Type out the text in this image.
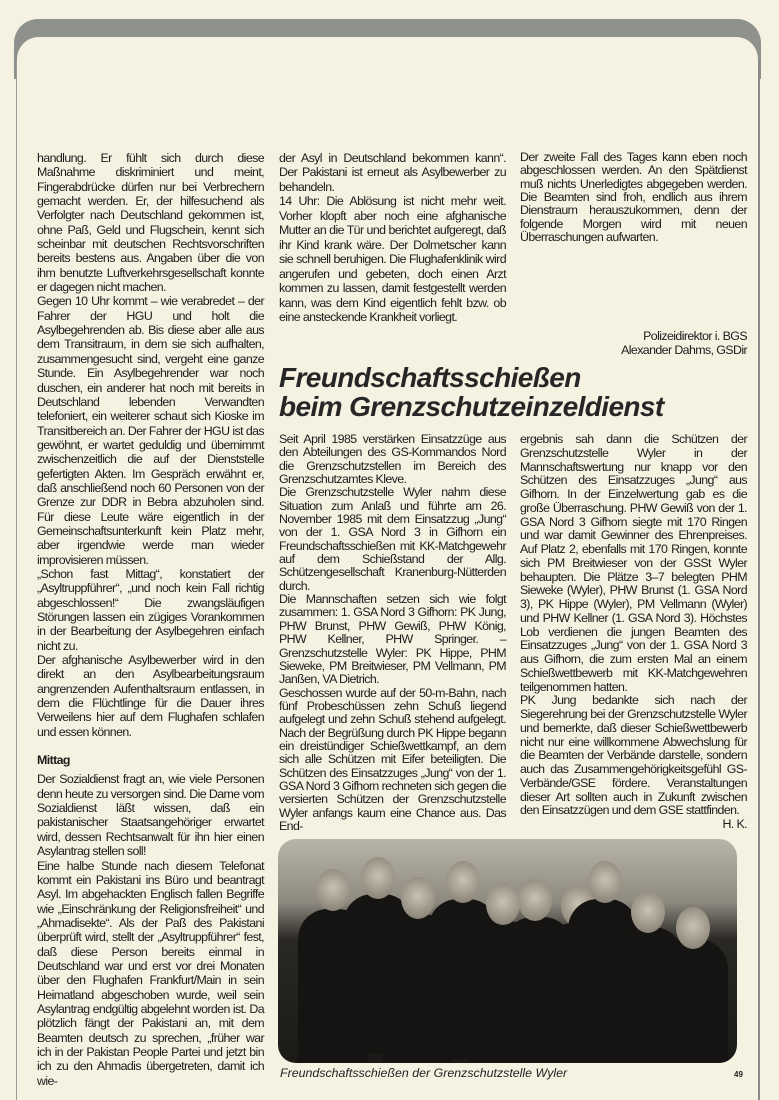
handlung. Er fühlt sich durch diese Maßnahme diskriminiert und meint, Fingerabdrücke dürfen nur bei Verbrechern gemacht werden. Er, der hilfesuchend als Verfolgter nach Deutschland gekommen ist, ohne Paß, Geld und Flugschein, kennt sich scheinbar mit deutschen Rechtsvorschriften bereits bestens aus. Angaben über die von ihm benutzte Luftverkehrsgesellschaft konnte er dagegen nicht machen.

Gegen 10 Uhr kommt – wie verabredet – der Fahrer der HGU und holt die Asylbegehrenden ab. Bis diese aber alle aus dem Transitraum, in dem sie sich aufhalten, zusammengesucht sind, vergeht eine ganze Stunde. Ein Asylbegehrender war noch duschen, ein anderer hat noch mit bereits in Deutschland lebenden Verwandten telefoniert, ein weiterer schaut sich Kioske im Transitbereich an. Der Fahrer der HGU ist das gewöhnt, er wartet geduldig und übernimmt zwischenzeitlich die auf der Dienststelle gefertigten Akten. Im Gespräch erwähnt er, daß anschließend noch 60 Personen von der Grenze zur DDR in Bebra abzuholen sind. Für diese Leute wäre eigentlich in der Gemeinschaftsunterkunft kein Platz mehr, aber irgendwie werde man wieder improvisieren müssen.

„Schon fast Mittag“, konstatiert der „Asyltruppführer“, „und noch kein Fall richtig abgeschlossen!“ Die zwangsläufigen Störungen lassen ein zügiges Vorankommen in der Bearbeitung der Asylbegehren einfach nicht zu.

Der afghanische Asylbewerber wird in den direkt an den Asylbearbeitungsraum angrenzenden Aufenthaltsraum entlassen, in dem die Flüchtlinge für die Dauer ihres Verweilens hier auf dem Flughafen schlafen und essen können.

Mittag

Der Sozialdienst fragt an, wie viele Personen denn heute zu versorgen sind. Die Dame vom Sozialdienst läßt wissen, daß ein pakistanischer Staatsangehöriger erwartet wird, dessen Rechtsanwalt für ihn hier einen Asylantrag stellen soll!

Eine halbe Stunde nach diesem Telefonat kommt ein Pakistani ins Büro und beantragt Asyl. Im abgehackten Englisch fallen Begriffe wie „Einschränkung der Religionsfreiheit“ und „Ahmadisekte“. Als der Paß des Pakistani überprüft wird, stellt der „Asyltruppführer“ fest, daß diese Person bereits einmal in Deutschland war und erst vor drei Monaten über den Flughafen Frankfurt/Main in sein Heimatland abgeschoben wurde, weil sein Asylantrag endgültig abgelehnt worden ist. Da plötzlich fängt der Pakistani an, mit dem Beamten deutsch zu sprechen, „früher war ich in der Pakistan People Partei und jetzt bin ich zu den Ahmadis übergetreten, damit ich wie-

der Asyl in Deutschland bekommen kann“. Der Pakistani ist erneut als Asylbewerber zu behandeln.

14 Uhr: Die Ablösung ist nicht mehr weit. Vorher klopft aber noch eine afghanische Mutter an die Tür und berichtet aufgeregt, daß ihr Kind krank wäre. Der Dolmetscher kann sie schnell beruhigen. Die Flughafenklinik wird angerufen und gebeten, doch einen Arzt kommen zu lassen, damit festgestellt werden kann, was dem Kind eigentlich fehlt bzw. ob eine ansteckende Krankheit vorliegt.

Der zweite Fall des Tages kann eben noch abgeschlossen werden. An den Spätdienst muß nichts Unerledigtes abgegeben werden. Die Beamten sind froh, endlich aus ihrem Dienstraum herauszukommen, denn der folgende Morgen wird mit neuen Überraschungen aufwarten.

Polizeidirektor i. BGS

Alexander Dahms, GSDir

Freundschaftsschießen
beim Grenzschutzeinzeldienst

Seit April 1985 verstärken Einsatzzüge aus den Abteilungen des GS-Kommandos Nord die Grenzschutzstellen im Bereich des Grenzschutzamtes Kleve.

Die Grenzschutzstelle Wyler nahm diese Situation zum Anlaß und führte am 26. November 1985 mit dem Einsatzzug „Jung“ von der 1. GSA Nord 3 in Gifhorn ein Freundschaftsschießen mit KK-Matchgewehr auf dem Schießstand der Allg. Schützengesellschaft Kranenburg-Nütterden durch.

Die Mannschaften setzen sich wie folgt zusammen: 1. GSA Nord 3 Gifhorn: PK Jung, PHW Brunst, PHW Gewiß, PHW König, PHW Kellner, PHW Springer. – Grenzschutzstelle Wyler: PK Hippe, PHM Sieweke, PM Breitwieser, PM Vellmann, PM Janßen, VA Dietrich.

Geschossen wurde auf der 50-m-Bahn, nach fünf Probeschüssen zehn Schuß liegend aufgelegt und zehn Schuß stehend aufgelegt. Nach der Begrüßung durch PK Hippe begann ein dreistündiger Schießwettkampf, an dem sich alle Schützen mit Eifer beteiligten. Die Schützen des Einsatzzuges „Jung“ von der 1. GSA Nord 3 Gifhorn rechneten sich gegen die versierten Schützen der Grenzschutzstelle Wyler anfangs kaum eine Chance aus. Das End-

ergebnis sah dann die Schützen der Grenzschutzstelle Wyler in der Mannschaftswertung nur knapp vor den Schützen des Einsatzzuges „Jung“ aus Gifhorn. In der Einzelwertung gab es die große Überraschung. PHW Gewiß von der 1. GSA Nord 3 Gifhorn siegte mit 170 Ringen und war damit Gewinner des Ehrenpreises. Auf Platz 2, ebenfalls mit 170 Ringen, konnte sich PM Breitwieser von der GSSt Wyler behaupten. Die Plätze 3–7 belegten PHM Sieweke (Wyler), PHW Brunst (1. GSA Nord 3), PK Hippe (Wyler), PM Vellmann (Wyler) und PHW Kellner (1. GSA Nord 3). Höchstes Lob verdienen die jungen Beamten des Einsatzzuges „Jung“ von der 1. GSA Nord 3 aus Gifhorn, die zum ersten Mal an einem Schießwettbewerb mit KK-Matchgewehren teilgenommen hatten.

PK Jung bedankte sich nach der Siegerehrung bei der Grenzschutzstelle Wyler und bemerkte, daß dieser Schießwettbewerb nicht nur eine willkommene Abwechslung für die Beamten der Verbände darstelle, sondern auch das Zusammengehörigkeitsgefühl GS-Verbände/GSE fördere. Veranstaltungen dieser Art sollten auch in Zukunft zwischen den Einsatzzügen und dem GSE stattfinden.

H. K.

Freundschaftsschießen der Grenzschutzstelle Wyler	49
